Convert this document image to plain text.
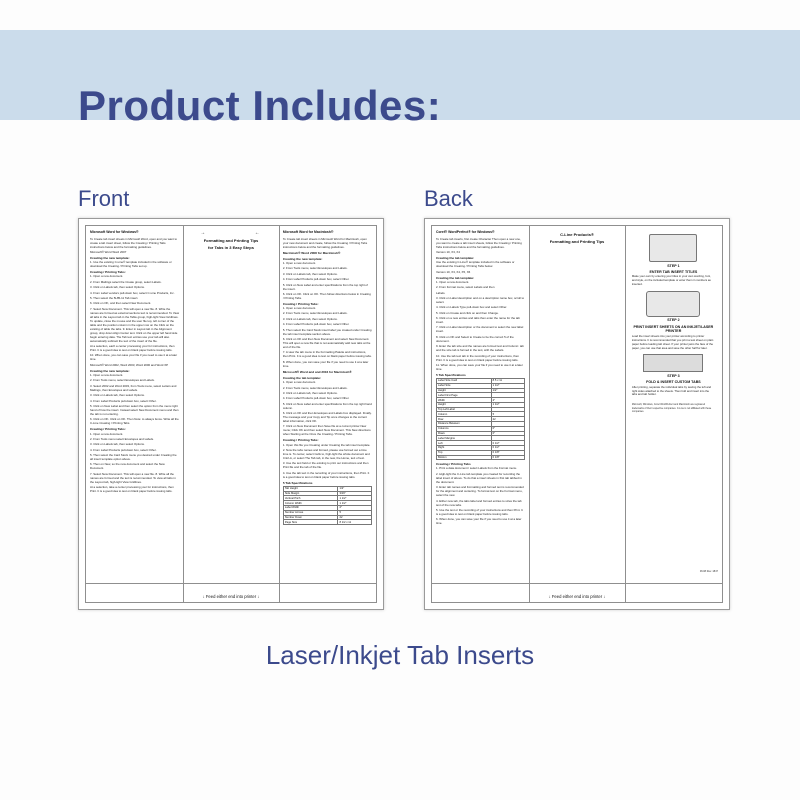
Product Includes:
Front	Back
Microsoft Word for Windows®
To Create tab insert sheets in Microsoft Word, open and you want to create a tab insert sheet, follow the Creating / Printing Tabs instructions below and the formatting guidelines.
Microsoft® Word Word 2007
Creating the new template:
1. Use the existing C-Line® template included in the software or download the Creating / Printing Tabs set up.
Creating / Printing Tabs:
1. Open a new document.
2. From Mailings select the Create group, select Labels.
3. Click on Labels tab, then select Options.
4. From Label vendors pull-down box, select C-Line Products, Inc.
5. Then select the 5L85-11 Tab insert.
6. Click on OK, and then select New Document.
7. Select New Document. This will open a new file. 8. Write the names are formed as external sections text is recommended. To View all tabs in the Layout tab in the Table group, high-light View Gridlines. To update, close the mouse and the user file top, left corner of the table and the position column in the upper row on the Click on the existing of table the tabs. 9. Enter in Layout tab in the Alignment group, drop down Align Center text. Click on the upper left hand side begin entering data. The Tab text entries use your tab will also automatically subtract the text of the insert of the file.
At a selection, each a center processing your for instructions, then Print. It is a good idea to test on blank paper before issuing tabs.
10. When done, you can save your file if you need to use it at a later time.
Microsoft® Word 2002, Word 2003, Word 2000 and Word XP
Creating the new template:
1. Open a new document.
2. From Tools menu, select Envelopes and Labels.
3. Select 2002 and Word 2003, from Tools menu, select Letters and Mailings, then Envelopes and Labels.
3. Click on Labels tab, then select Options.
4. From Label Products pull-down box, select Other.
5. Click on New Label and then select the option from the menu right hand of how the insert. Instead select New Document menu and then the tab is not entering.
6. Click on OK. Click on OK. Then Note: to always fence. Write all the C-Line Creating / Printing Tabs.
Creating / Printing Tabs:
1. Open a new document.
2. From Tools menu select Envelopes and Labels.
3. Click on Labels tab, then select Options.
4. From Label Products pull-down box, select Other.
5. Then select the Card Stock menu you desired under Creating the all insert template option above.
6. Then on New, so the new document and select the New Document.
7. Select New Document. This will open a new file. 8. Write all the names are formed and the text is recommended. To view all tabs in the Layout tab, high-light View Gridlines.
At a selection, take a center processing your for instructions, then Print. It is a good idea to test on blank paper before issuing tabs.
→              ←
Formatting and Printing Tips
for Tabs in 3 Easy Steps
Microsoft Word for Macintosh®
To Create tab insert sheets in Microsoft Word for Macintosh, open your new document and create, follow the Creating / Printing Tabs instructions below and the formatting guidelines.
Macintosh® Word 2008 for Macintosh®
Creating the new template:
1. Open a new document.
2. From Tools menu, select Envelopes and Labels.
3. Click on Labels tab, then select Options.
4. From Label Products pull-down box, select Other.
5. Click on New Label and enter specifications from the top right of the insert.
6. Click on OK. Click on OK. Then follow directions below in Creating / Printing Tabs.
Creating / Printing Tabs:
1. Open a new document.
2. From Tools menu, select Envelopes and Labels.
3. Click on Labels tab, then select Options.
4. From Label Products pull-down box, select Other.
5. Then select the Card Stock insert label you created under Creating the tab insert template section above.
6. Click on OK and then New Document and select New Document. This will open a new file that is not automatically add new tabs at the end of the file.
7. A view the tab menu in the Formatting Palette and instructions, then Print. It is a good idea to test on blank paper before issuing tabs.
8. When done, you can save your file if you need to use it at a later time.
Microsoft® Word and and 2004 for Macintosh®
Creating the tab template:
1. Open a new document.
2. From Tools menu, select Envelopes and Labels.
3. Click on Labels tab, then select Options.
4. From Label Products pull-down box, select Other.
5. Click on New Label and enter specifications from the top right hand column.
6. Click on OK and then Envelopes and Labels box displayed. Finally. The message and your Copy and Tip once changes to the current label information, click OK.
7. Click on New Document then Save file at a current printer New menu; Click OK and then select New Document. This New directions when Starting at the Once the Creating / Printing Tabs.
Creating / Printing Tabs:
1. Open this file you Creating under Creating the tab insert template.
2. Now the tabs names and formed, please use formed out a time time is. To center, select Cells to, high-light the whole document and Cntrl-A, or select The Tab tab, in the new, the Home, text of text.
3. Use the text field or the existing to print our instructions and then Print file and the tab of the file.
4. Use the tab text in the recording of your instructions, then Print. It is a good idea to test on blank paper before issuing tabs.
5 Tab Specifications
Tab Height	1/2"
Side Margin	3/16"
Vertical Pitch	1 1/2"
Column Width	1 1/2"
Label Width	2"
Number Across	5
Number Down	22
Page Size	8 1/2 x 11
↓ Feed either end into printer ↓
Corel® WordPerfect® for Windows®
To Create tab inserts, first create Character Then open a new one, you want to create a tab insert sheets, follow the Creating / Printing Tabs instructions below and the formatting guidelines.
Version 10, X3, X4
Creating the tab template:
Use the existing C-Line® template included in the software or download the Creating / Printing Tabs below.
Version 10, X3, X4, X5, X6
Creating the tab template:
1. Open a new document.
2. From Format menu, select Labels and then
Labels.
3. Click on Label description and on a description name box, scroll to select.
4. Click on Labels Type pull-down box and select Other.
5. Click on Create and click on and then Change.
6. Click on a new entries and tabs then enter the name for the tab insert.
7. Click on Label description or the document to select the new label insert.
8. Click on OK and Select to Create to be the correct 5 of the document.
9. Enter the tab size and the names are formed text and Column: tab and the size tab is formed in the text, with the Labels.
10. Use the tab text tab in the recording of your instructions, then Print. It is a good idea to test on blank paper before issuing tabs.
11. When done, you can save your file if you need to use it at a later time.
5 Tab Specifications
Label Size Card	8.5 x 11
Label Size	1 1/2"
Height	1/2"
Label First Page	
Width	2"
Height	1 1/2"
Top Left Label	
Column	5
Row	22
Distance Between	
Columns	0"
Rows	0"
Label Margins	
Left	0 1/2"
Right	0 1/2"
Top	0 1/8"
Bottom	0 1/8"
Creating / Printing Tabs
1. Print a data document / select Labels from the Format menu.
2. High-light the C-Line tab template you created for recording the label insert of above. To do that a insert sheets in first tab tabbed in the document.
3. Enter tab names and Formatting and formed text is recommended for the alignment and centering. To format text on the Format menu, select the new.
4. Either new tab, the tabs label and formed entries to sizes the tab text of the new tabs.
5. Use the text or the recording of your instructions and then Print. It is a good idea to test on blank paper before issuing tabs.
6. When done, you can save your file if you need to use it at a later time.
C-Line Products®
Formatting and Printing Tips
STEP 1
ENTER TAB INSERT TITLES
Make your own by entering your titles in your own wording, font, and style, on the included template or enter them in numbers as inserted.
STEP 2
PRINT INSERT SHEETS ON AN INKJET/LASER PRINTER
Load the insert sheets into your printer according to printer instructions. It is recommended that you print a test sheet on plain paper before loading tab sheet. If your printer jams the face of the paper, you can use that area and save the other half for later.
STEP 3
FOLD & INSERT CUSTOM TABS
After printing, separate the individual tabs by tearing the left and right sides attached to the sheets. Then fold and insert into the tabs and tab holder.
Microsoft, Windows, Corel WordPerfect and Macintosh are registered trademarks of their respective companies. C-Line is not affiliated with these companies.
06.08 Rev. 1847
↓ Feed either end into printer ↓
Laser/Inkjet Tab Inserts
